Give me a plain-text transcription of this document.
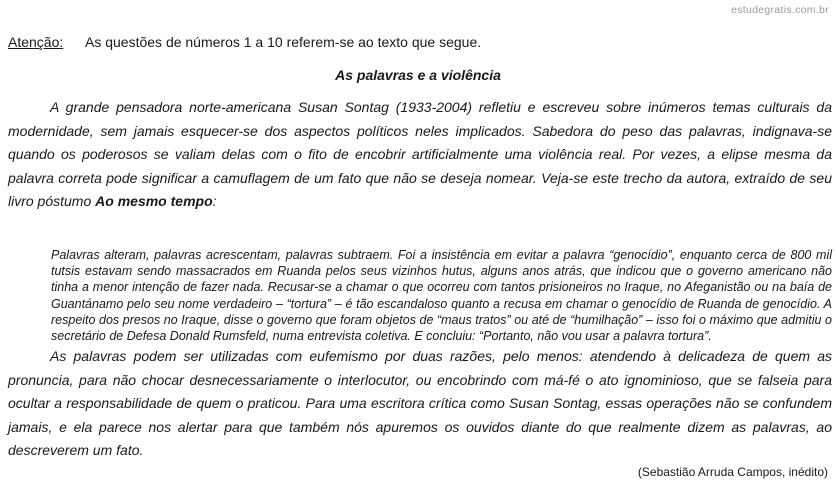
estudegratis.com.br
Atenção: As questões de números 1 a 10 referem-se ao texto que segue.
As palavras e a violência

A grande pensadora norte-americana Susan Sontag (1933-2004) refletiu e escreveu sobre inúmeros temas culturais da modernidade, sem jamais esquecer-se dos aspectos políticos neles implicados. Sabedora do peso das palavras, indignava-se quando os poderosos se valiam delas com o fito de encobrir artificialmente uma violência real. Por vezes, a elipse mesma da palavra correta pode significar a camuflagem de um fato que não se deseja nomear. Veja-se este trecho da autora, extraído de seu livro póstumo Ao mesmo tempo:

Palavras alteram, palavras acrescentam, palavras subtraem. Foi a insistência em evitar a palavra “genocídio”, enquanto cerca de 800 mil tutsis estavam sendo massacrados em Ruanda pelos seus vizinhos hutus, alguns anos atrás, que indicou que o governo americano não tinha a menor intenção de fazer nada. Recusar-se a chamar o que ocorreu com tantos prisioneiros no Iraque, no Afeganistão ou na baía de Guantánamo pelo seu nome verdadeiro – “tortura” – é tão escandaloso quanto a recusa em chamar o genocídio de Ruanda de genocídio. A respeito dos presos no Iraque, disse o governo que foram objetos de “maus tratos” ou até de “humilhação” – isso foi o máximo que admitiu o secretário de Defesa Donald Rumsfeld, numa entrevista coletiva. E concluiu: “Portanto, não vou usar a palavra tortura”.

As palavras podem ser utilizadas com eufemismo por duas razões, pelo menos: atendendo à delicadeza de quem as pronuncia, para não chocar desnecessariamente o interlocutor, ou encobrindo com má-fé o ato ignominioso, que se falseia para ocultar a responsabilidade de quem o praticou. Para uma escritora crítica como Susan Sontag, essas operações não se confundem jamais, e ela parece nos alertar para que também nós apuremos os ouvidos diante do que realmente dizem as palavras, ao descreverem um fato.

(Sebastião Arruda Campos, inédito)
